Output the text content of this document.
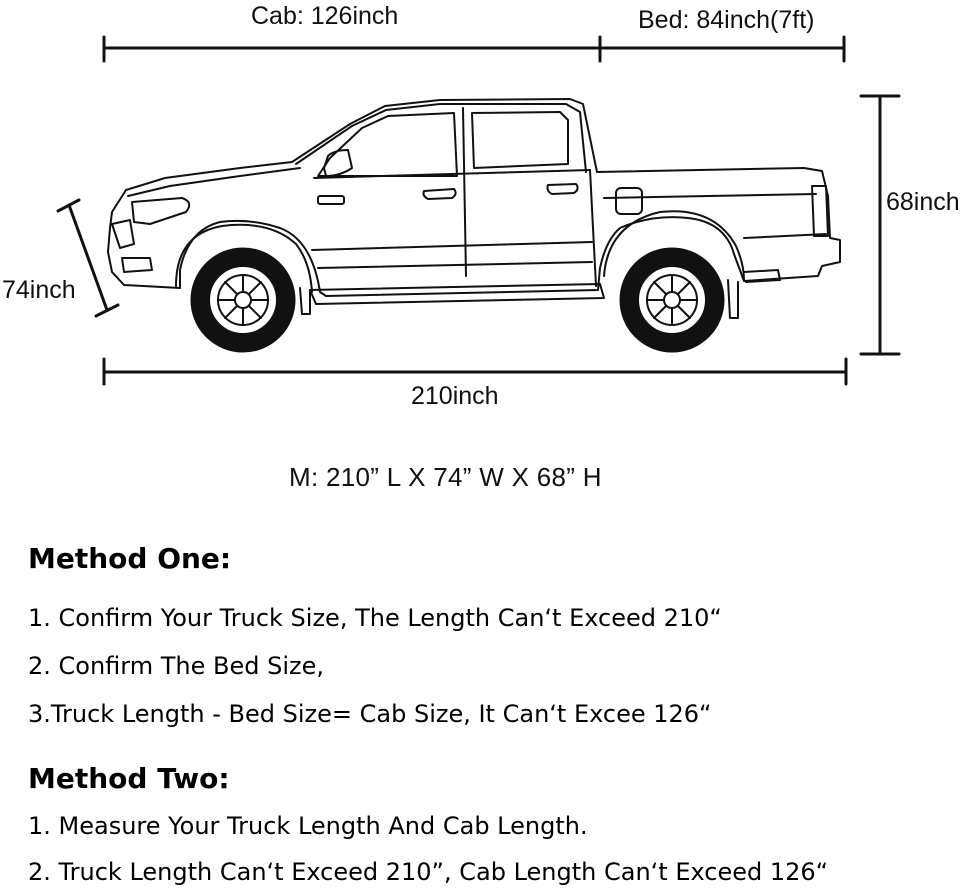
Cab: 126inch	Bed: 84inch(7ft)
68inch
74inch
210inch
M: 210” L X 74” W X 68” H
Method One:
1. Confirm Your Truck Size, The Length Can‘t Exceed 210“
2. Confirm The Bed Size,
3.Truck Length - Bed Size= Cab Size, It Can‘t Excee 126“
Method Two:
1. Measure Your Truck Length And Cab Length.
2. Truck Length Can‘t Exceed 210”, Cab Length Can‘t Exceed 126“
